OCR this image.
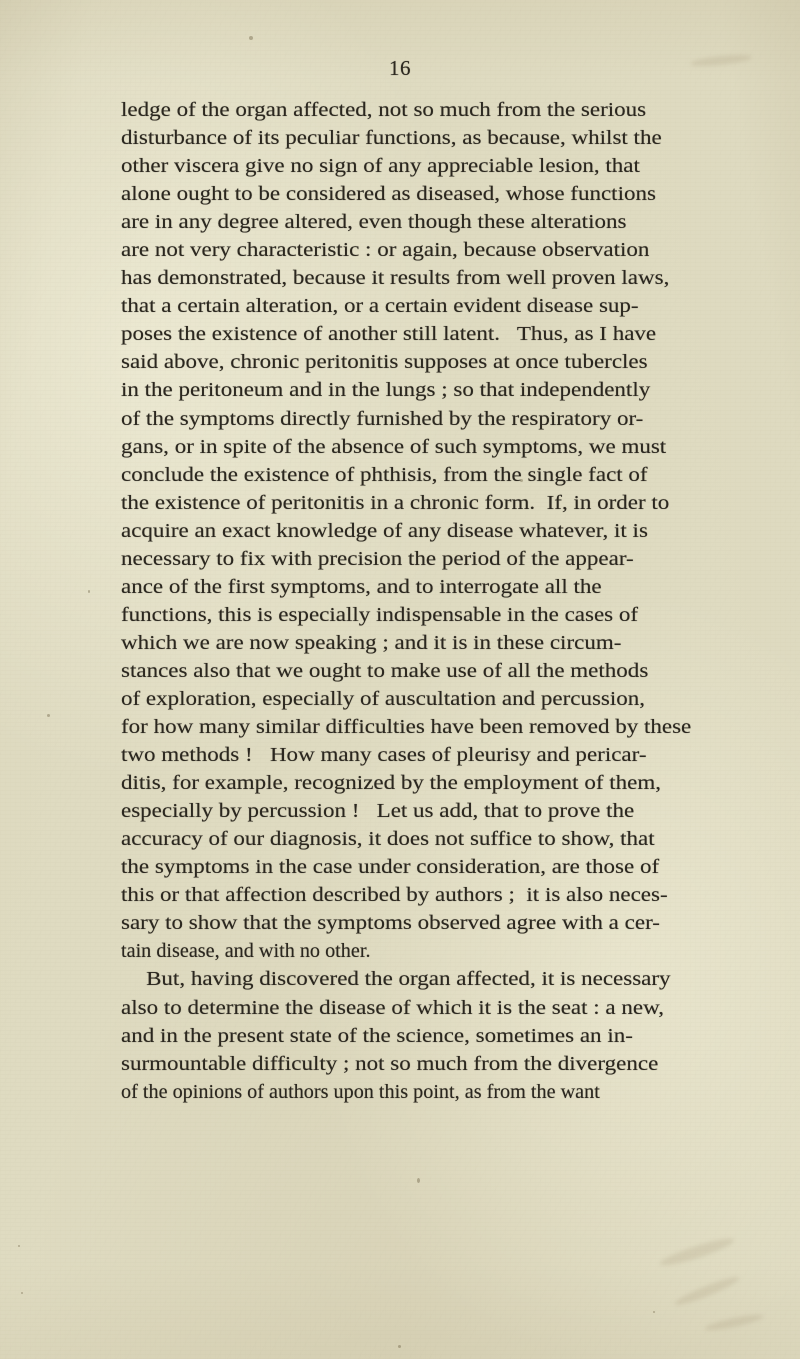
16
ledge of the organ affected, not so much from the serious
disturbance of its peculiar functions, as because, whilst the
other viscera give no sign of any appreciable lesion, that
alone ought to be considered as diseased, whose functions
are in any degree altered, even though these alterations
are not very characteristic : or again, because observation
has demonstrated, because it results from well proven laws,
that a certain alteration, or a certain evident disease sup-
poses the existence of another still latent.   Thus, as I have
said above, chronic peritonitis supposes at once tubercles
in the peritoneum and in the lungs ; so that independently
of the symptoms directly furnished by the respiratory or-
gans, or in spite of the absence of such symptoms, we must
conclude the existence of phthisis, from the single fact of
the existence of peritonitis in a chronic form.  If, in order to
acquire an exact knowledge of any disease whatever, it is
necessary to fix with precision the period of the appear-
ance of the first symptoms, and to interrogate all the
functions, this is especially indispensable in the cases of
which we are now speaking ; and it is in these circum-
stances also that we ought to make use of all the methods
of exploration, especially of auscultation and percussion,
for how many similar difficulties have been removed by these
two methods !   How many cases of pleurisy and pericar-
ditis, for example, recognized by the employment of them,
especially by percussion !   Let us add, that to prove the
accuracy of our diagnosis, it does not suffice to show, that
the symptoms in the case under consideration, are those of
this or that affection described by authors ;  it is also neces-
sary to show that the symptoms observed agree with a cer-
tain disease, and with no other.
But, having discovered the organ affected, it is necessary
also to determine the disease of which it is the seat : a new,
and in the present state of the science, sometimes an in-
surmountable difficulty ; not so much from the divergence
of the opinions of authors upon this point, as from the want
